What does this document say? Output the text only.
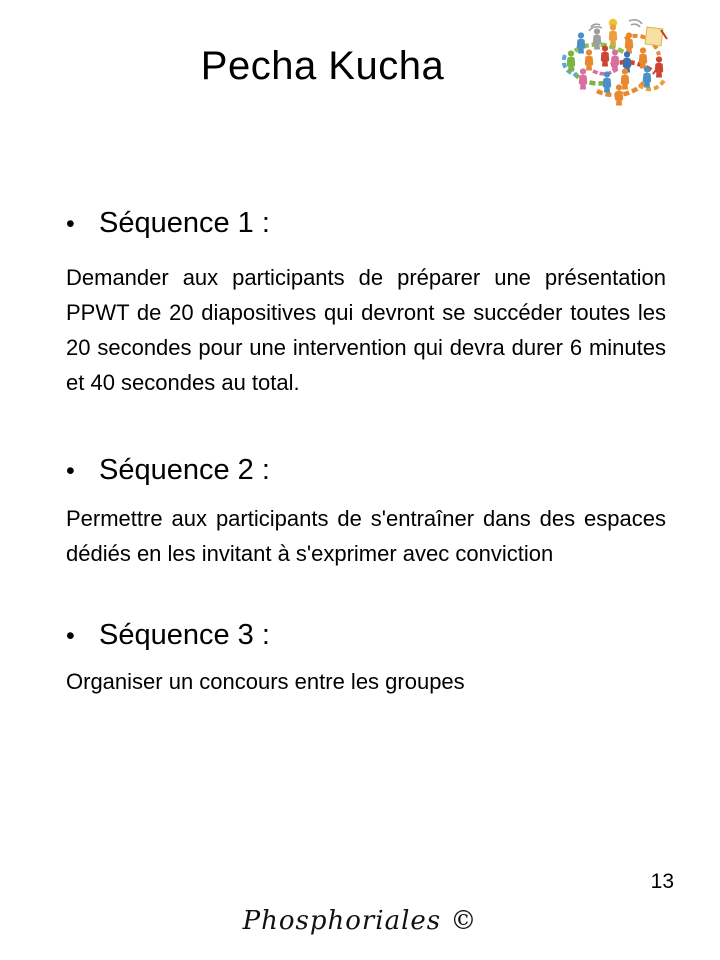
Pecha Kucha
• Séquence 1 :

Demander aux participants de préparer une présentation PPWT de 20 diapositives qui devront se succéder toutes les 20 secondes pour une intervention qui devra durer 6 minutes et 40 secondes au total.

• Séquence 2 :

Permettre aux participants de s'entraîner dans des espaces dédiés en les invitant à s'exprimer avec conviction

• Séquence 3 :

Organiser un concours entre les groupes

13
Phosphoriales ©
